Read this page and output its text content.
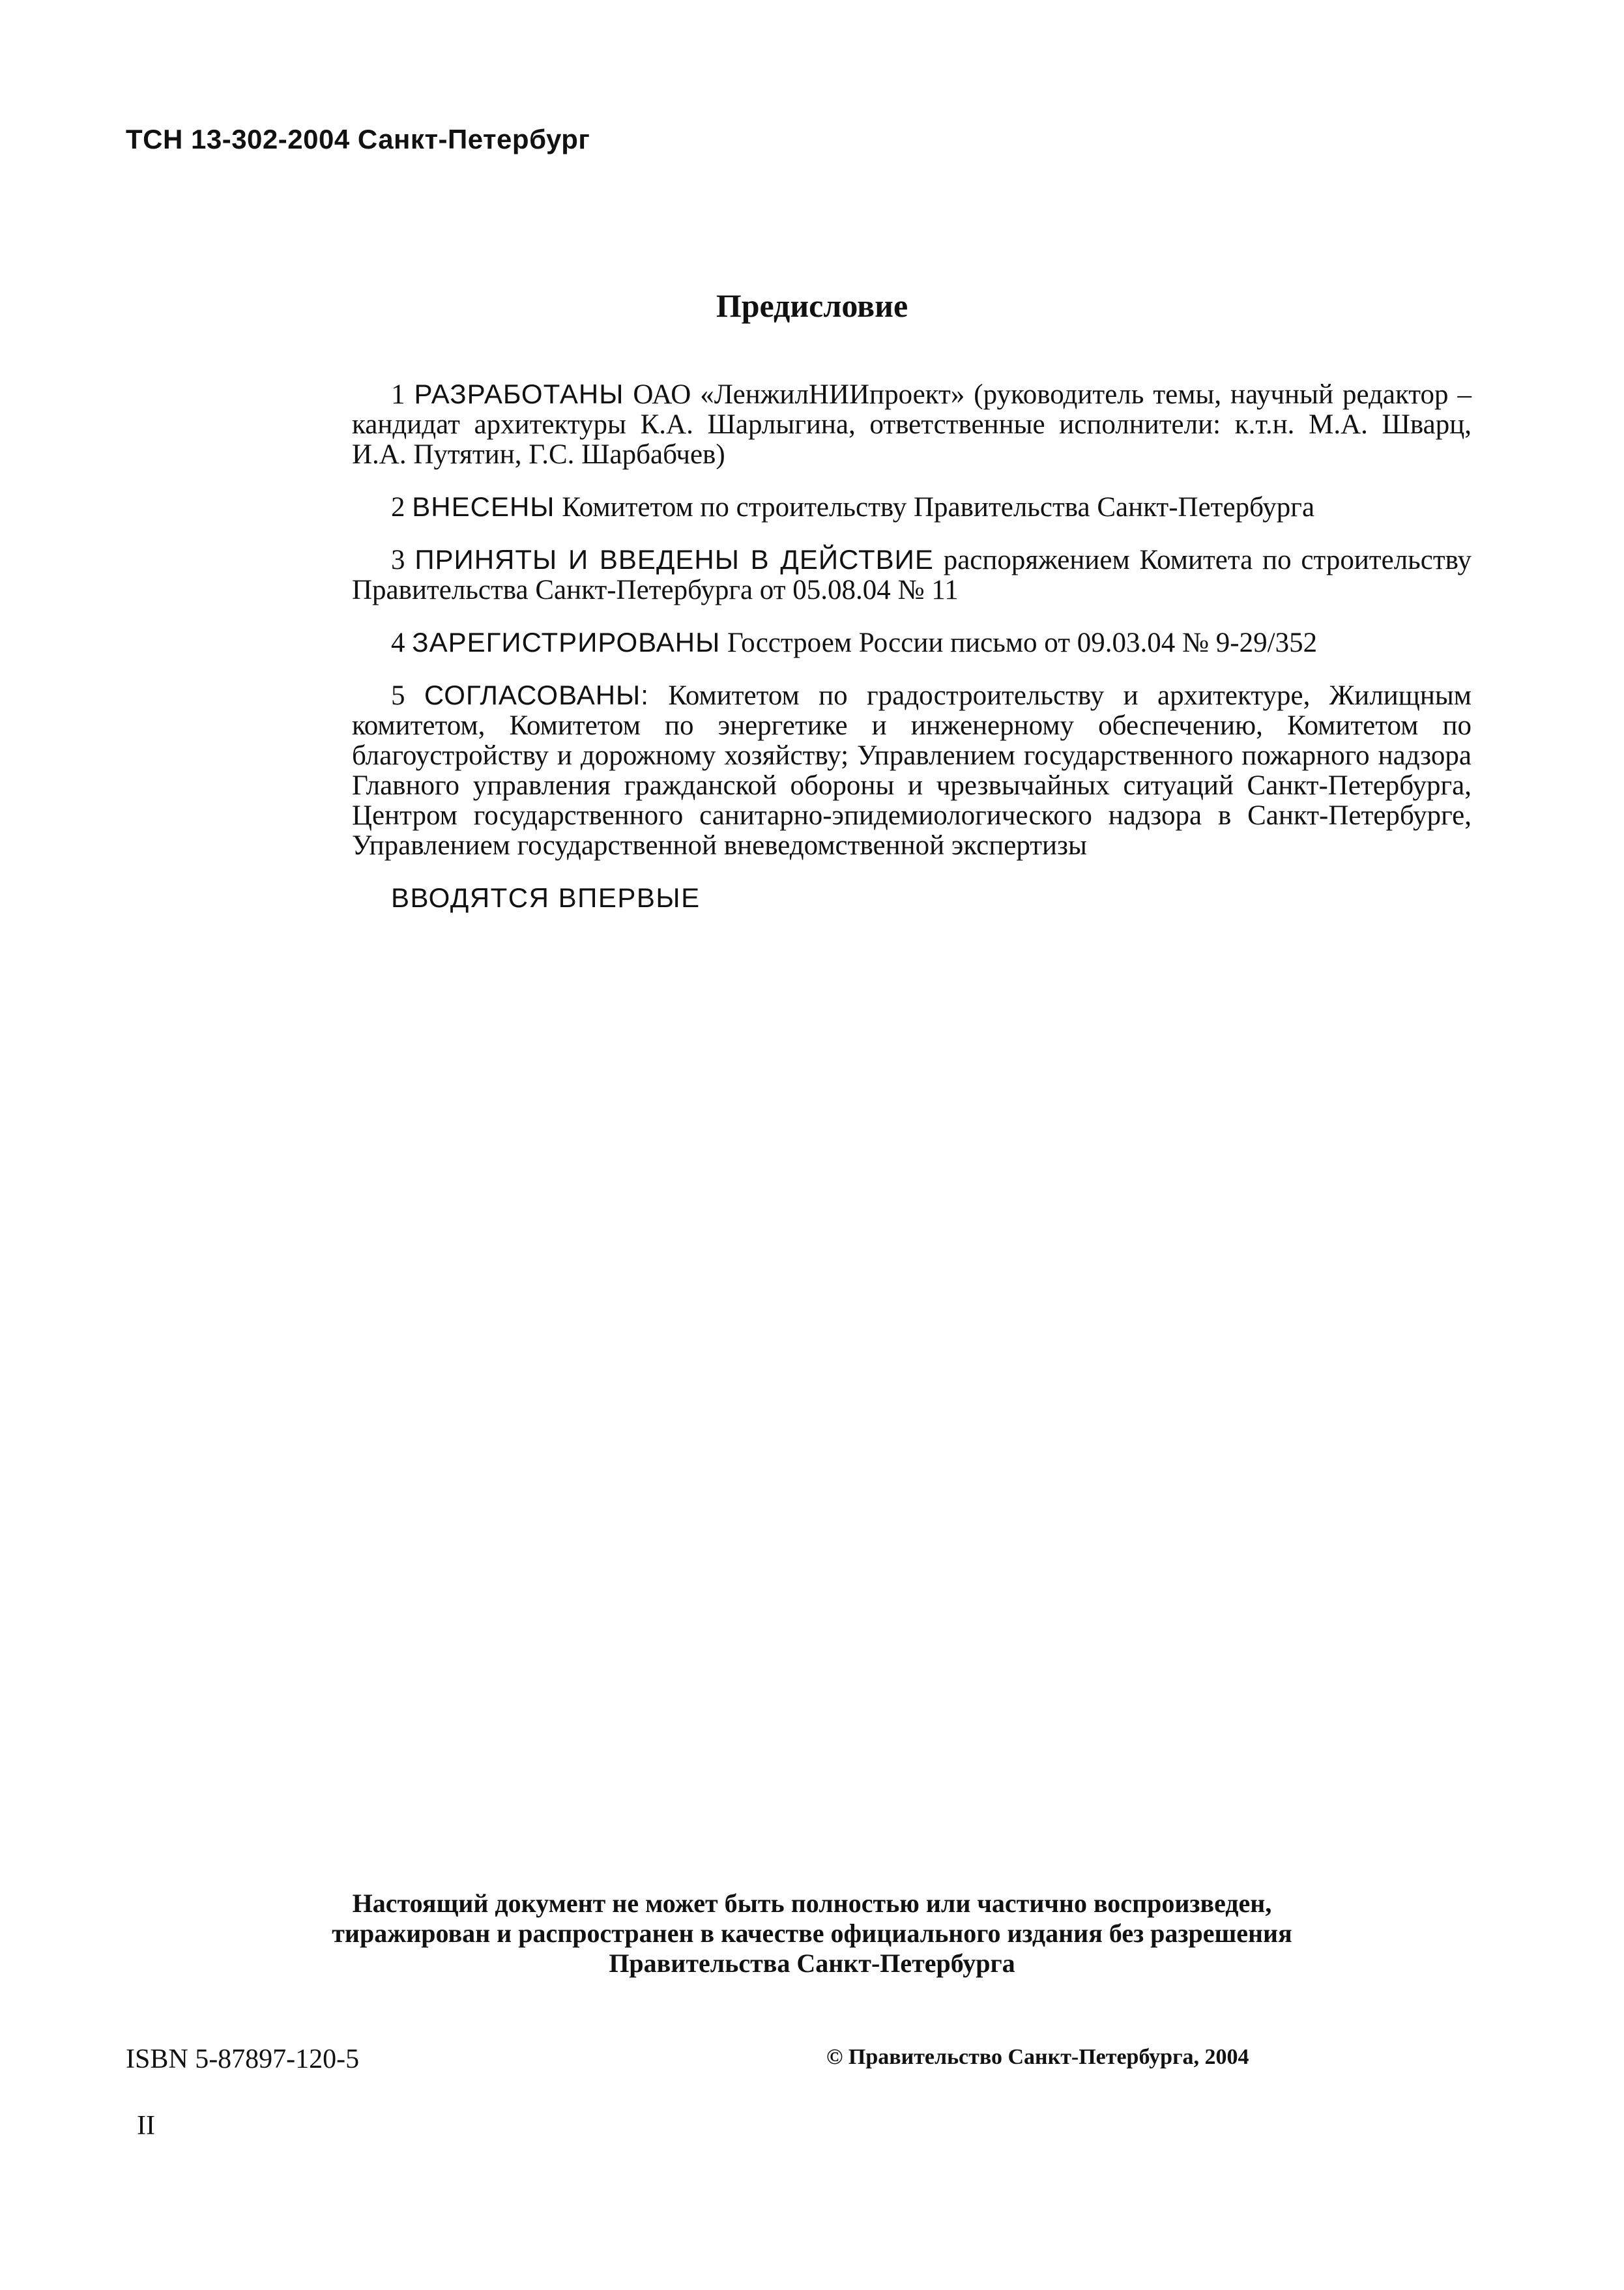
ТСН 13-302-2004 Санкт-Петербург
Предисловие

1 РАЗРАБОТАНЫ ОАО «ЛенжилНИИпроект» (руководитель темы, научный редактор – кандидат архитектуры К.А. Шарлыгина, ответственные исполнители: к.т.н. М.А. Шварц, И.А. Путятин, Г.С. Шарбабчев)

2 ВНЕСЕНЫ Комитетом по строительству Правительства Санкт-Петербурга

3 ПРИНЯТЫ И ВВЕДЕНЫ В ДЕЙСТВИЕ распоряжением Комитета по строительству Правительства Санкт-Петербурга от 05.08.04 № 11

4 ЗАРЕГИСТРИРОВАНЫ Госстроем России письмо от 09.03.04 № 9-29/352

5 СОГЛАСОВАНЫ: Комитетом по градостроительству и архитектуре, Жилищным комитетом, Комитетом по энергетике и инженерному обеспечению, Комитетом по благоустройству и дорожному хозяйству; Управлением государственного пожарного надзора Главного управления гражданской обороны и чрезвычайных ситуаций Санкт-Петербурга, Центром государственного санитарно-эпидемиологического надзора в Санкт-Петербурге, Управлением государственной вневедомственной экспертизы

ВВОДЯТСЯ ВПЕРВЫЕ

Настоящий документ не может быть полностью или частично воспроизведен,
тиражирован и распространен в качестве официального издания без разрешения
Правительства Санкт-Петербурга
ISBN 5-87897-120-5	© Правительство Санкт-Петербурга, 2004
II
